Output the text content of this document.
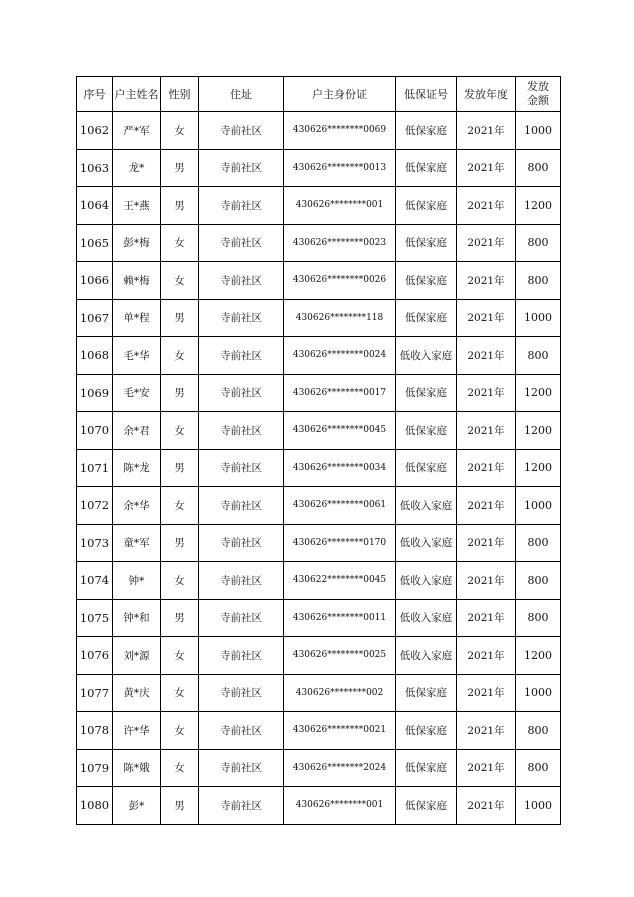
序号	户主姓名	性别	住址	户主身份证	低保证号	发放年度	发放
金额

1062	严*军	女	寺前社区	430626********0069	低保家庭	2021年	1000
1063	龙*	男	寺前社区	430626********0013	低保家庭	2021年	800
1064	王*燕	男	寺前社区	430626********001	低保家庭	2021年	1200
1065	彭*梅	女	寺前社区	430626********0023	低保家庭	2021年	800
1066	赖*梅	女	寺前社区	430626********0026	低保家庭	2021年	800
1067	单*程	男	寺前社区	430626********118	低保家庭	2021年	1000
1068	毛*华	女	寺前社区	430626********0024	低收入家庭	2021年	800
1069	毛*安	男	寺前社区	430626********0017	低保家庭	2021年	1200
1070	余*君	女	寺前社区	430626********0045	低保家庭	2021年	1200
1071	陈*龙	男	寺前社区	430626********0034	低保家庭	2021年	1200
1072	余*华	女	寺前社区	430626********0061	低收入家庭	2021年	1000
1073	童*军	男	寺前社区	430626********0170	低收入家庭	2021年	800
1074	钟*	女	寺前社区	430622********0045	低收入家庭	2021年	800
1075	钟*和	男	寺前社区	430626********0011	低收入家庭	2021年	800
1076	刘*源	女	寺前社区	430626********0025	低收入家庭	2021年	1200
1077	黄*庆	女	寺前社区	430626********002	低保家庭	2021年	1000
1078	许*华	女	寺前社区	430626********0021	低保家庭	2021年	800
1079	陈*娥	女	寺前社区	430626********2024	低保家庭	2021年	800
1080	彭*	男	寺前社区	430626********001	低保家庭	2021年	1000
